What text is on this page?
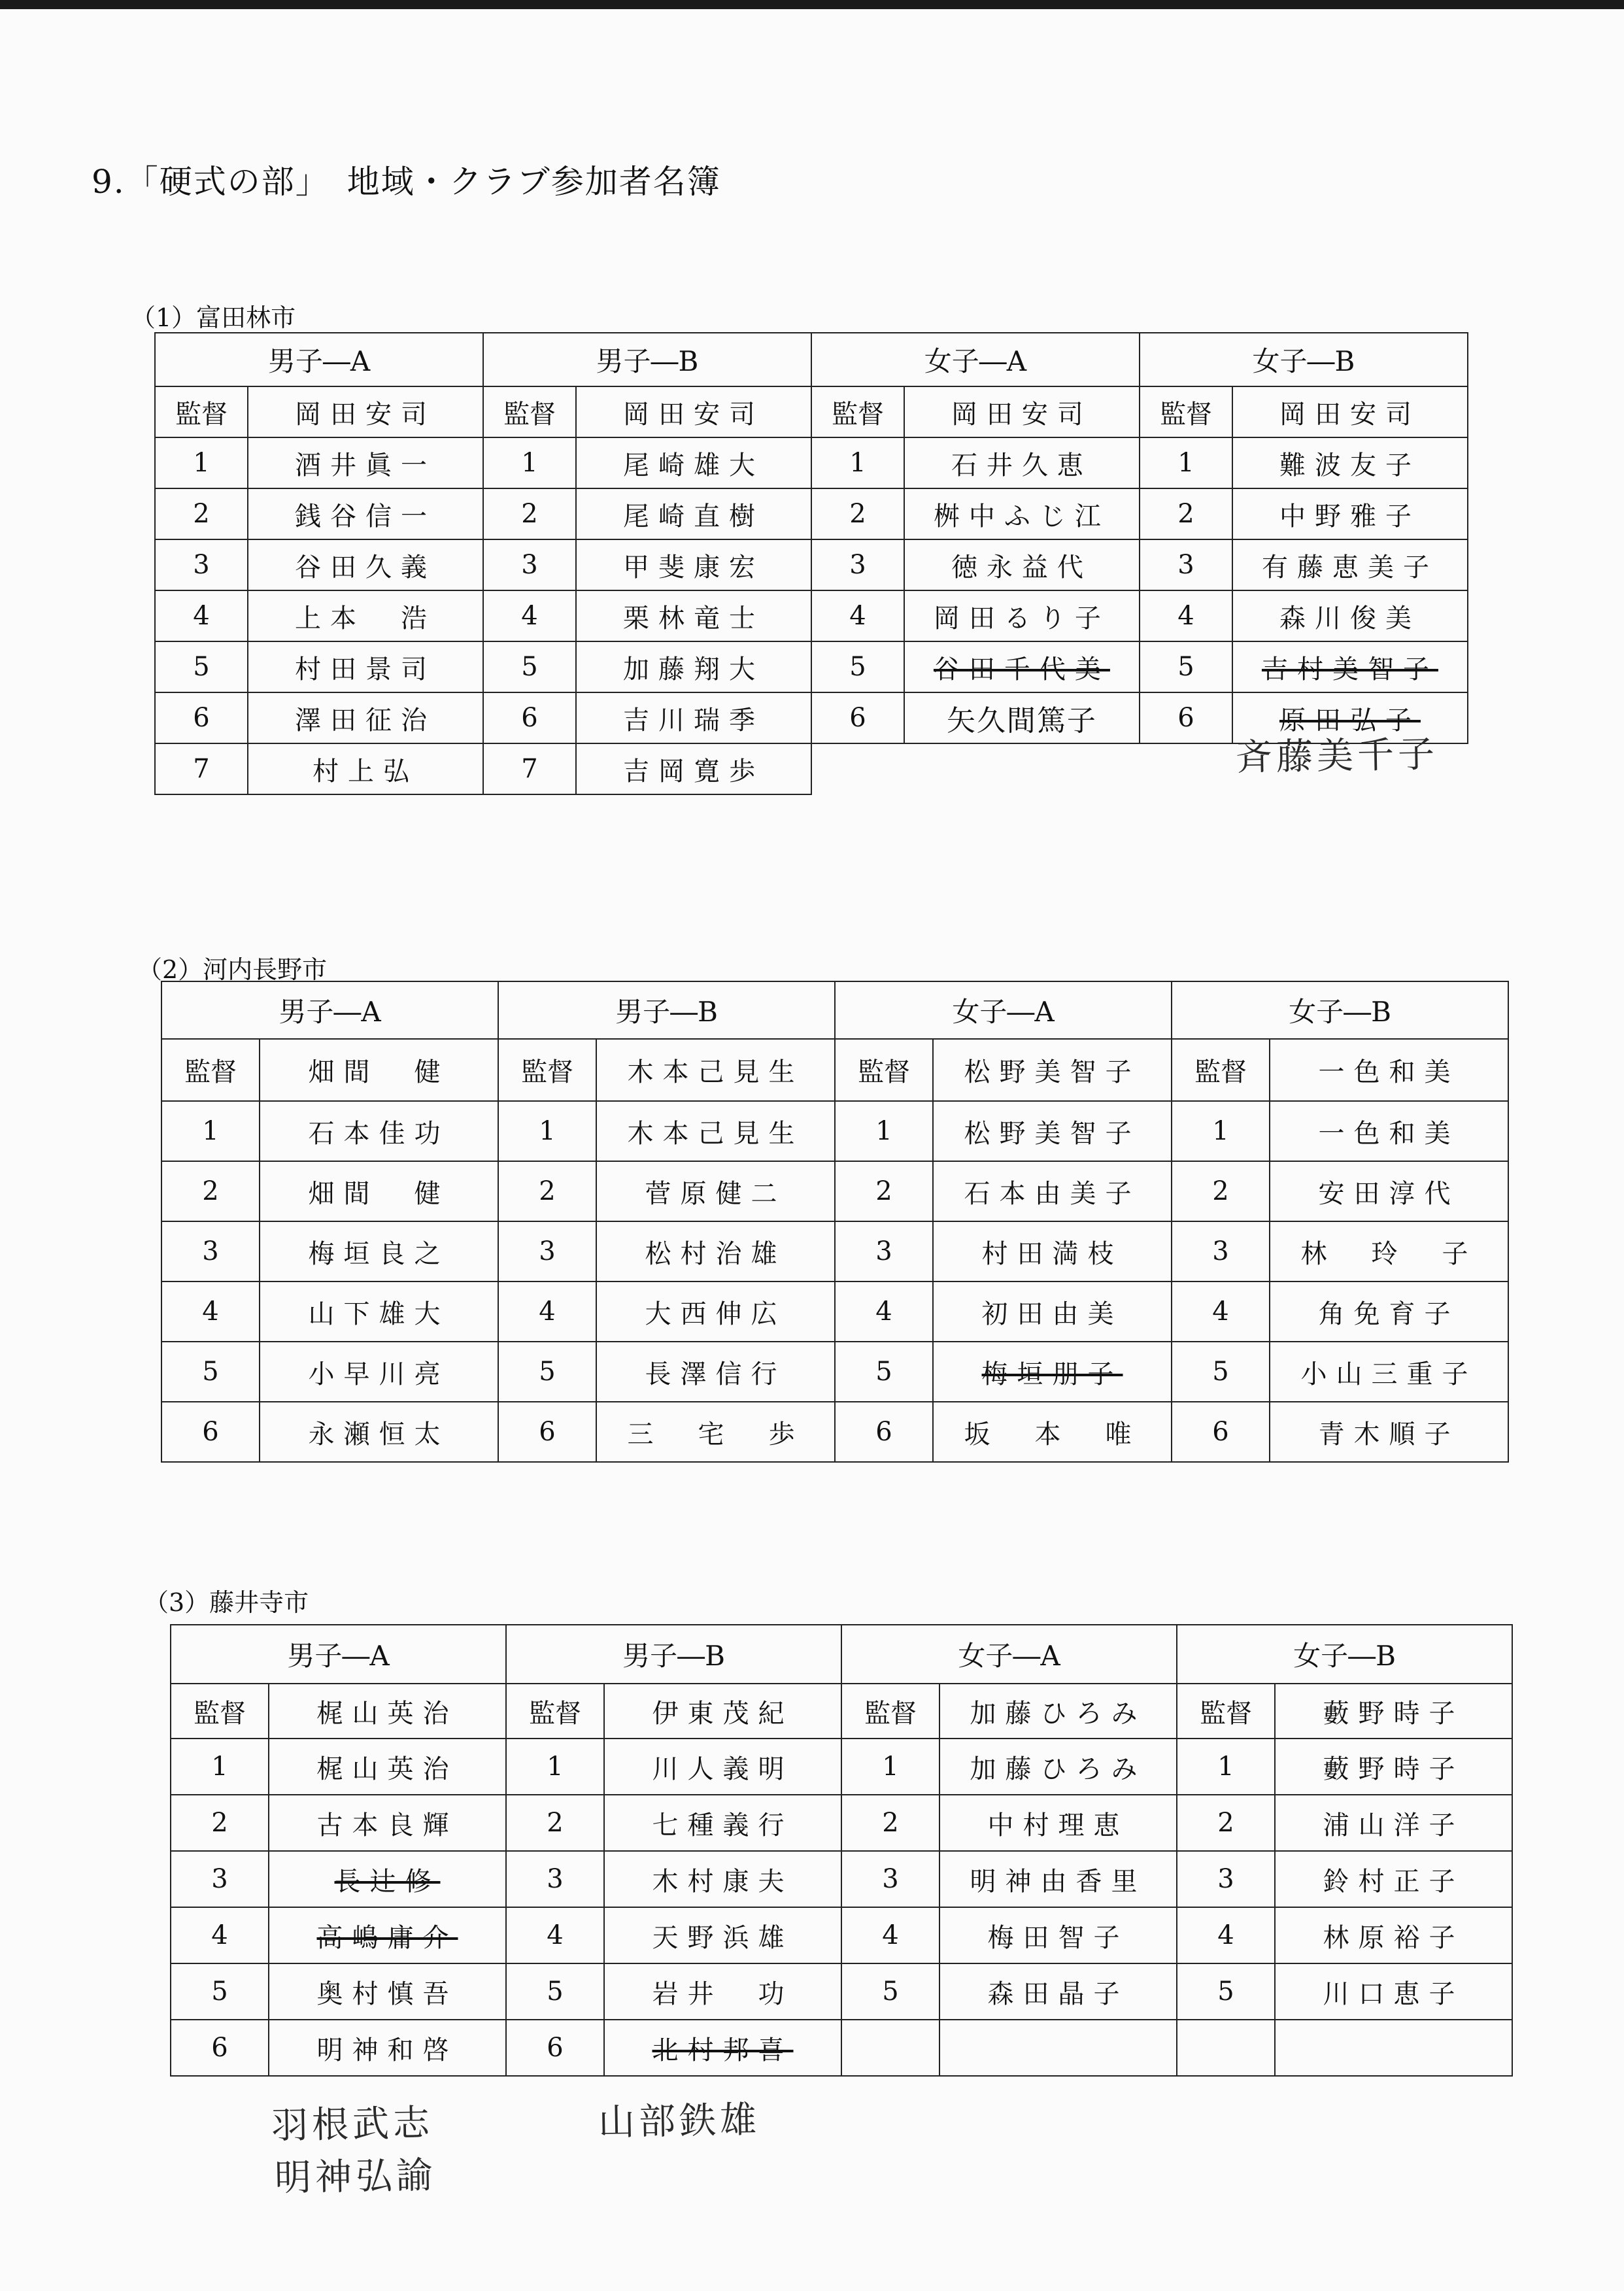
9.「硬式の部」　地域・クラブ参加者名簿
（1）富田林市
男子―A		男子―B		女子―A		女子―B	
監督	岡田安司	監督	岡田安司	監督	岡田安司	監督	岡田安司
1	酒井眞一	1	尾崎雄大	1	石井久恵	1	難波友子
2	銭谷信一	2	尾崎直樹	2	桝中ふじ江	2	中野雅子
3	谷田久義	3	甲斐康宏	3	徳永益代	3	有藤恵美子
4	上本　浩	4	栗林竜士	4	岡田るり子	4	森川俊美
5	村田景司	5	加藤翔大	5	谷田千代美	5	吉村美智子
6	澤田征治	6	吉川瑞季	6	矢久間篤子	6	原田弘子
7	村上弘	7	吉岡寛歩					斉藤美千子
（2）河内長野市
男子―A		男子―B		女子―A		女子―B	
監督	畑間　健	監督	木本己見生	監督	松野美智子	監督	一色和美
1	石本佳功	1	木本己見生	1	松野美智子	1	一色和美
2	畑間　健	2	菅原健二	2	石本由美子	2	安田淳代
3	梅垣良之	3	松村治雄	3	村田満枝	3	林　玲　子
4	山下雄大	4	大西伸広	4	初田由美	4	角免育子
5	小早川亮	5	長澤信行	5	梅垣朋子	5	小山三重子
6	永瀬恒太	6	三　宅　歩	6	坂　本　唯	6	青木順子
（3）藤井寺市
男子―A		男子―B		女子―A		女子―B	
監督	梶山英治	監督	伊東茂紀	監督	加藤ひろみ	監督	藪野時子
1	梶山英治	1	川人義明	1	加藤ひろみ	1	藪野時子
2	古本良輝	2	七種義行	2	中村理恵	2	浦山洋子
3	長辻修	3	木村康夫	3	明神由香里	3	鈴村正子
4	高嶋庸介	4	天野浜雄	4	梅田智子	4	林原裕子
5	奥村慎吾	5	岩井　功	5	森田晶子	5	川口恵子
6	明神和啓	6	北村邦喜				
羽根武志
明神弘諭
山部鉄雄
